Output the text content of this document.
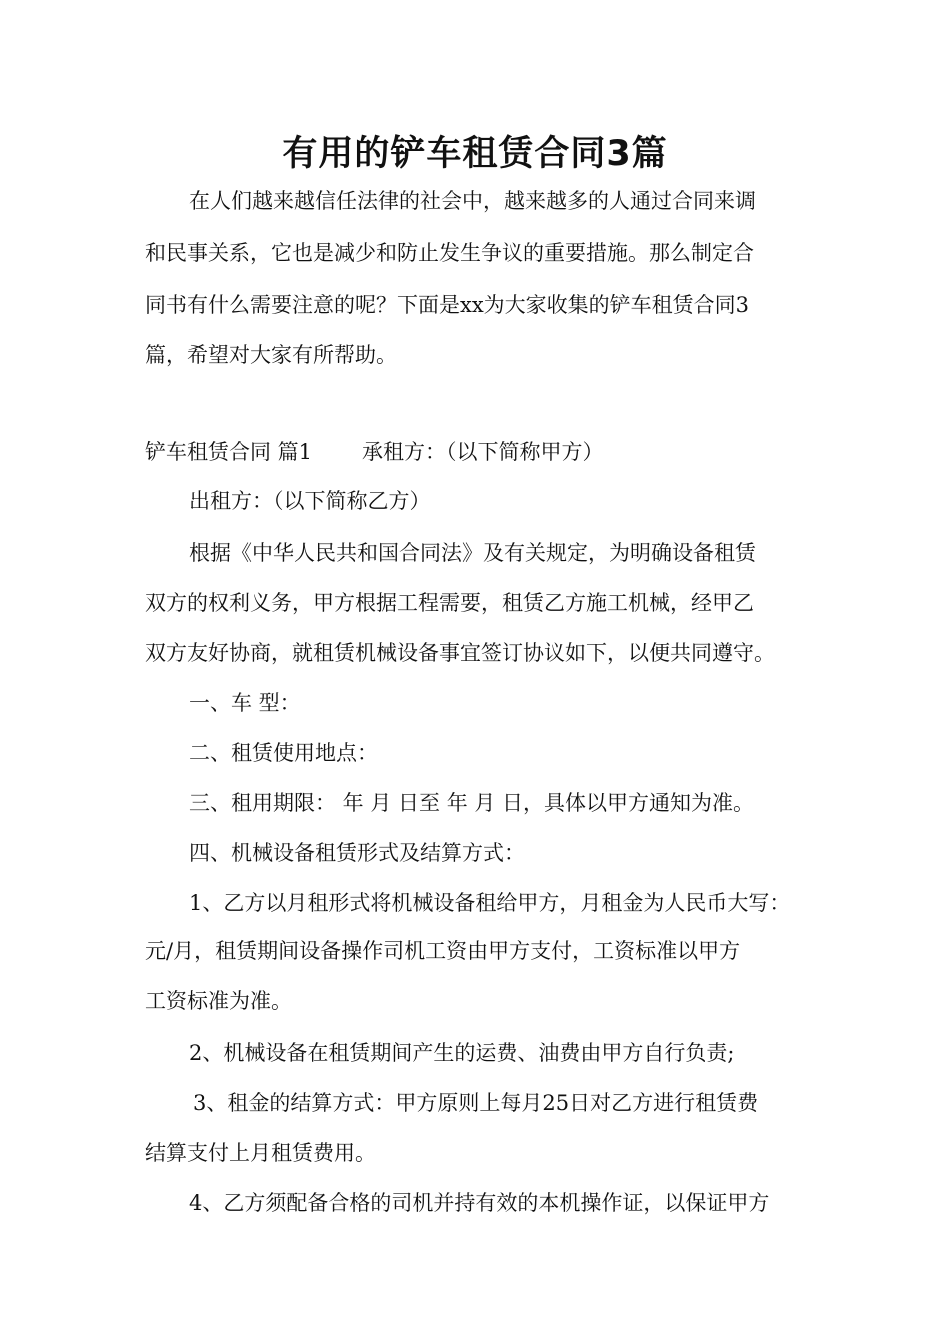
有用的铲车租赁合同3篇

在人们越来越信任法律的社会中，越来越多的人通过合同来调

和民事关系，它也是减少和防止发生争议的重要措施。那么制定合

同书有什么需要注意的呢？下面是xx为大家收集的铲车租赁合同3

篇，希望对大家有所帮助。

铲车租赁合同 篇1 承租方：（以下简称甲方）

出租方：（以下简称乙方）

根据《中华人民共和国合同法》及有关规定，为明确设备租赁

双方的权利义务，甲方根据工程需要，租赁乙方施工机械，经甲乙

双方友好协商，就租赁机械设备事宜签订协议如下，以便共同遵守。

一、车 型：

二、租赁使用地点：

三、租用期限： 年 月 日至 年 月 日，具体以甲方通知为准。

四、机械设备租赁形式及结算方式：

1、乙方以月租形式将机械设备租给甲方，月租金为人民币大写：

元/月，租赁期间设备操作司机工资由甲方支付，工资标准以甲方

工资标准为准。

2、机械设备在租赁期间产生的运费、油费由甲方自行负责;

3、租金的结算方式：甲方原则上每月25日对乙方进行租赁费

结算支付上月租赁费用。

4、乙方须配备合格的司机并持有效的本机操作证，以保证甲方
